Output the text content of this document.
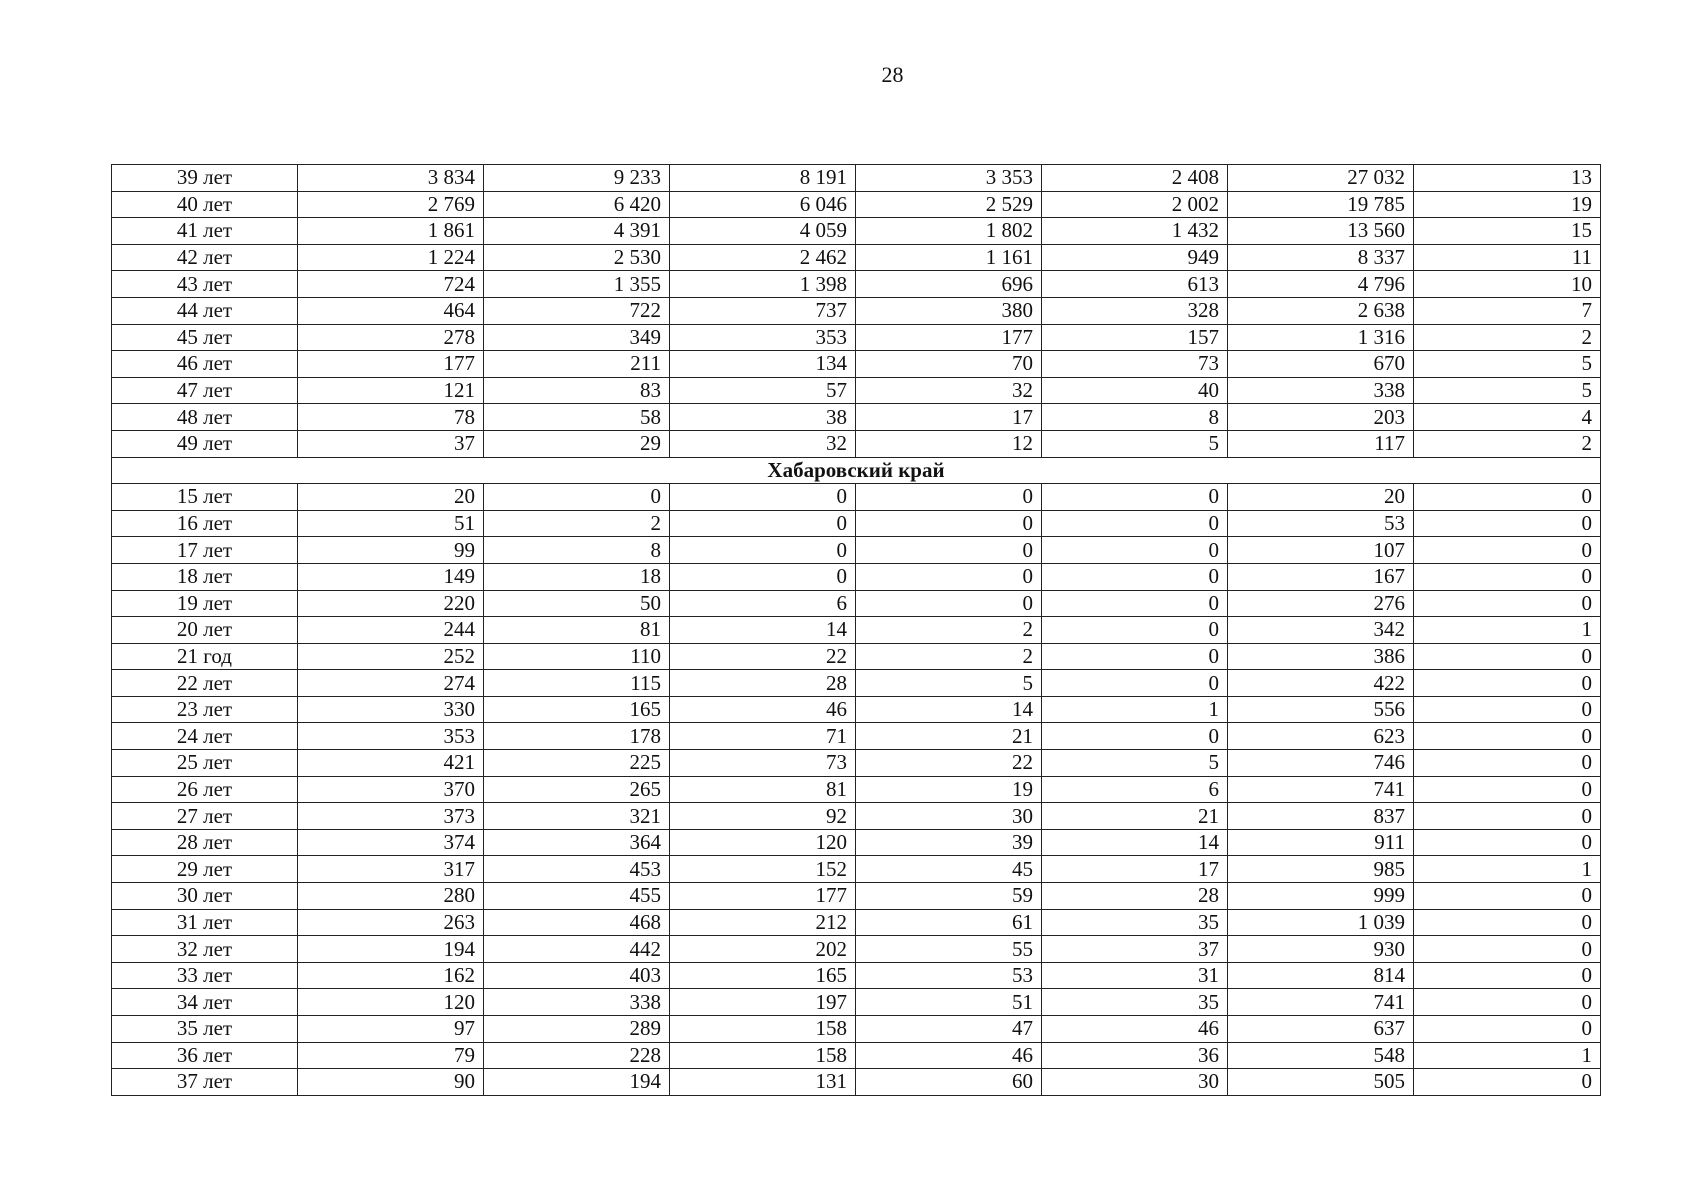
28
39 лет	3 834	9 233	8 191	3 353	2 408	27 032	13
40 лет	2 769	6 420	6 046	2 529	2 002	19 785	19
41 лет	1 861	4 391	4 059	1 802	1 432	13 560	15
42 лет	1 224	2 530	2 462	1 161	949	8 337	11
43 лет	724	1 355	1 398	696	613	4 796	10
44 лет	464	722	737	380	328	2 638	7
45 лет	278	349	353	177	157	1 316	2
46 лет	177	211	134	70	73	670	5
47 лет	121	83	57	32	40	338	5
48 лет	78	58	38	17	8	203	4
49 лет	37	29	32	12	5	117	2
Хабаровский край							
15 лет	20	0	0	0	0	20	0
16 лет	51	2	0	0	0	53	0
17 лет	99	8	0	0	0	107	0
18 лет	149	18	0	0	0	167	0
19 лет	220	50	6	0	0	276	0
20 лет	244	81	14	2	0	342	1
21 год	252	110	22	2	0	386	0
22 лет	274	115	28	5	0	422	0
23 лет	330	165	46	14	1	556	0
24 лет	353	178	71	21	0	623	0
25 лет	421	225	73	22	5	746	0
26 лет	370	265	81	19	6	741	0
27 лет	373	321	92	30	21	837	0
28 лет	374	364	120	39	14	911	0
29 лет	317	453	152	45	17	985	1
30 лет	280	455	177	59	28	999	0
31 лет	263	468	212	61	35	1 039	0
32 лет	194	442	202	55	37	930	0
33 лет	162	403	165	53	31	814	0
34 лет	120	338	197	51	35	741	0
35 лет	97	289	158	47	46	637	0
36 лет	79	228	158	46	36	548	1
37 лет	90	194	131	60	30	505	0
